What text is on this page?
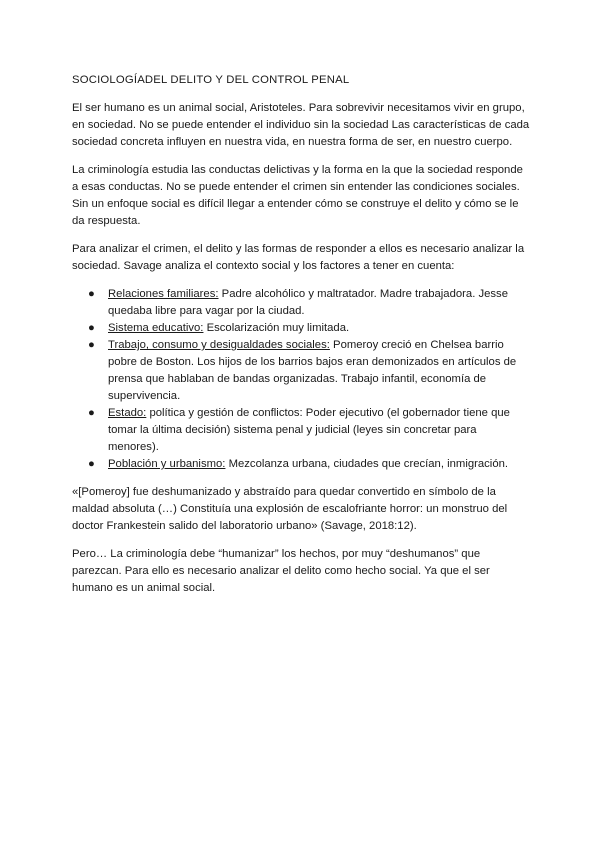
SOCIOLOGÍADEL DELITO Y DEL CONTROL PENAL

El ser humano es un animal social, Aristoteles. Para sobrevivir necesitamos vivir en grupo, en sociedad. No se puede entender el individuo sin la sociedad Las características de cada sociedad concreta influyen en nuestra vida, en nuestra forma de ser, en nuestro cuerpo.

La criminología estudia las conductas delictivas y la forma en la que la sociedad responde a esas conductas. No se puede entender el crimen sin entender las condiciones sociales. Sin un enfoque social es difícil llegar a entender cómo se construye el delito y cómo se le da respuesta.

Para analizar el crimen, el delito y las formas de responder a ellos es necesario analizar la sociedad. Savage analiza el contexto social y los factores a tener en cuenta:

● Relaciones familiares: Padre alcohólico y maltratador. Madre trabajadora. Jesse quedaba libre para vagar por la ciudad.
● Sistema educativo: Escolarización muy limitada.
● Trabajo, consumo y desigualdades sociales: Pomeroy creció en Chelsea barrio pobre de Boston. Los hijos de los barrios bajos eran demonizados en artículos de prensa que hablaban de bandas organizadas. Trabajo infantil, economía de supervivencia.
● Estado: política y gestión de conflictos: Poder ejecutivo (el gobernador tiene que tomar la última decisión) sistema penal y judicial (leyes sin concretar para menores).
● Población y urbanismo: Mezcolanza urbana, ciudades que crecían, inmigración.

«[Pomeroy] fue deshumanizado y abstraído para quedar convertido en símbolo de la maldad absoluta (…) Constituía una explosión de escalofriante horror: un monstruo del doctor Frankestein salido del laboratorio urbano» (Savage, 2018:12).

Pero… La criminología debe “humanizar” los hechos, por muy “deshumanos” que parezcan. Para ello es necesario analizar el delito como hecho social. Ya que el ser humano es un animal social.
